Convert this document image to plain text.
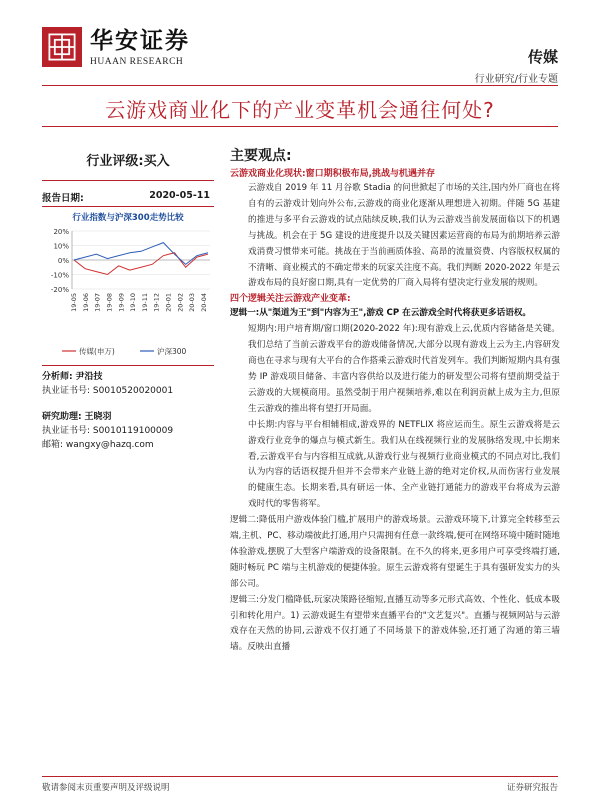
华安证券
HUAAN RESEARCH	传媒
行业研究/行业专题
云游戏商业化下的产业变革机会通往何处?
行业评级:买入
报告日期:	2020-05-11
行业指数与沪深300走势比较
20%
10%
0%
-10%
-20%
19-05 19-06 19-07 19-08 19-09 19-10 19-11 19-12 20-01 20-02 20-03 20-04
传媒(申万)	沪深300
分析师: 尹沿技
执业证书号: S0010520020001
研究助理: 王晓羽
执业证书号: S0010119100009
邮箱: wangxy@hazq.com
主要观点:
云游戏商业化现状:窗口期积极布局,挑战与机遇并存
云游戏自 2019 年 11 月谷歌 Stadia 的问世掀起了市场的关注,国内外厂商也在将自有的云游戏计划向外公布,云游戏的商业化逐渐从理想进入初期。伴随 5G 基建的推进与多平台云游戏的试点陆续反映,我们认为云游戏当前发展面临以下的机遇与挑战。机会在于 5G 建设的进度提升以及关键因素运营商的布局为前期培养云游戏消费习惯带来可能。挑战在于当前画质体验、高昂的流量资费、内容版权权属的不清晰、商业模式的不确定带来的玩家关注度不高。我们判断 2020-2022 年是云游戏布局的良好窗口期,具有一定优势的厂商入局将有望决定行业发展的规则。
四个逻辑关注云游戏产业变革:
逻辑一:从"渠道为王"到"内容为王",游戏 CP 在云游戏全时代将获更多话语权。
短期内:用户培育期/窗口期(2020-2022 年):现有游戏上云,优质内容储备是关键。我们总结了当前云游戏平台的游戏储备情况,大部分以现有游戏上云为主,内容研发商也在寻求与现有大平台的合作搭乘云游戏时代首发列车。我们判断短期内具有强势 IP 游戏项目储备、丰富内容供给以及进行能力的研发型公司将有望前期受益于云游戏的大规模商用。虽然受制于用户视频培养,难以在利润贡献上成为主力,但原生云游戏的推出将有望打开局面。
中长期:内容与平台相辅相成,游戏界的 NETFLIX 将应运而生。原生云游戏将是云游戏行业竞争的爆点与模式新生。我们从在线视频行业的发展脉络发现,中长期来看,云游戏平台与内容相互成就,从游戏行业与视频行业商业模式的不同点对比,我们认为内容的话语权提升但并不会带来产业链上游的绝对定价权,从而伤害行业发展的健康生态。长期来看,具有研运一体、全产业链打通能力的游戏平台将成为云游戏时代的零售将军。
逻辑二:降低用户游戏体验门槛,扩展用户的游戏场景。云游戏环境下,计算完全转移至云端,主机、PC、移动端彼此打通,用户只需拥有任意一款终端,便可在网络环境中随时随地体验游戏,摆脱了大型客户端游戏的设备限制。在不久的将来,更多用户可享受终端打通,随时畅玩 PC 端与主机游戏的便捷体验。原生云游戏将有望诞生于具有强研发实力的头部公司。
逻辑三:分发门槛降低,玩家决策路径缩短,直播互动等多元形式高效、个性化、低成本吸引和转化用户。1) 云游戏诞生有望带来直播平台的"文艺复兴"。直播与视频网站与云游戏存在天然的协同,云游戏不仅打通了不同场景下的游戏体验,还打通了沟通的第三墙墙。反映出直播
敬请参阅末页重要声明及评级说明	证券研究报告
